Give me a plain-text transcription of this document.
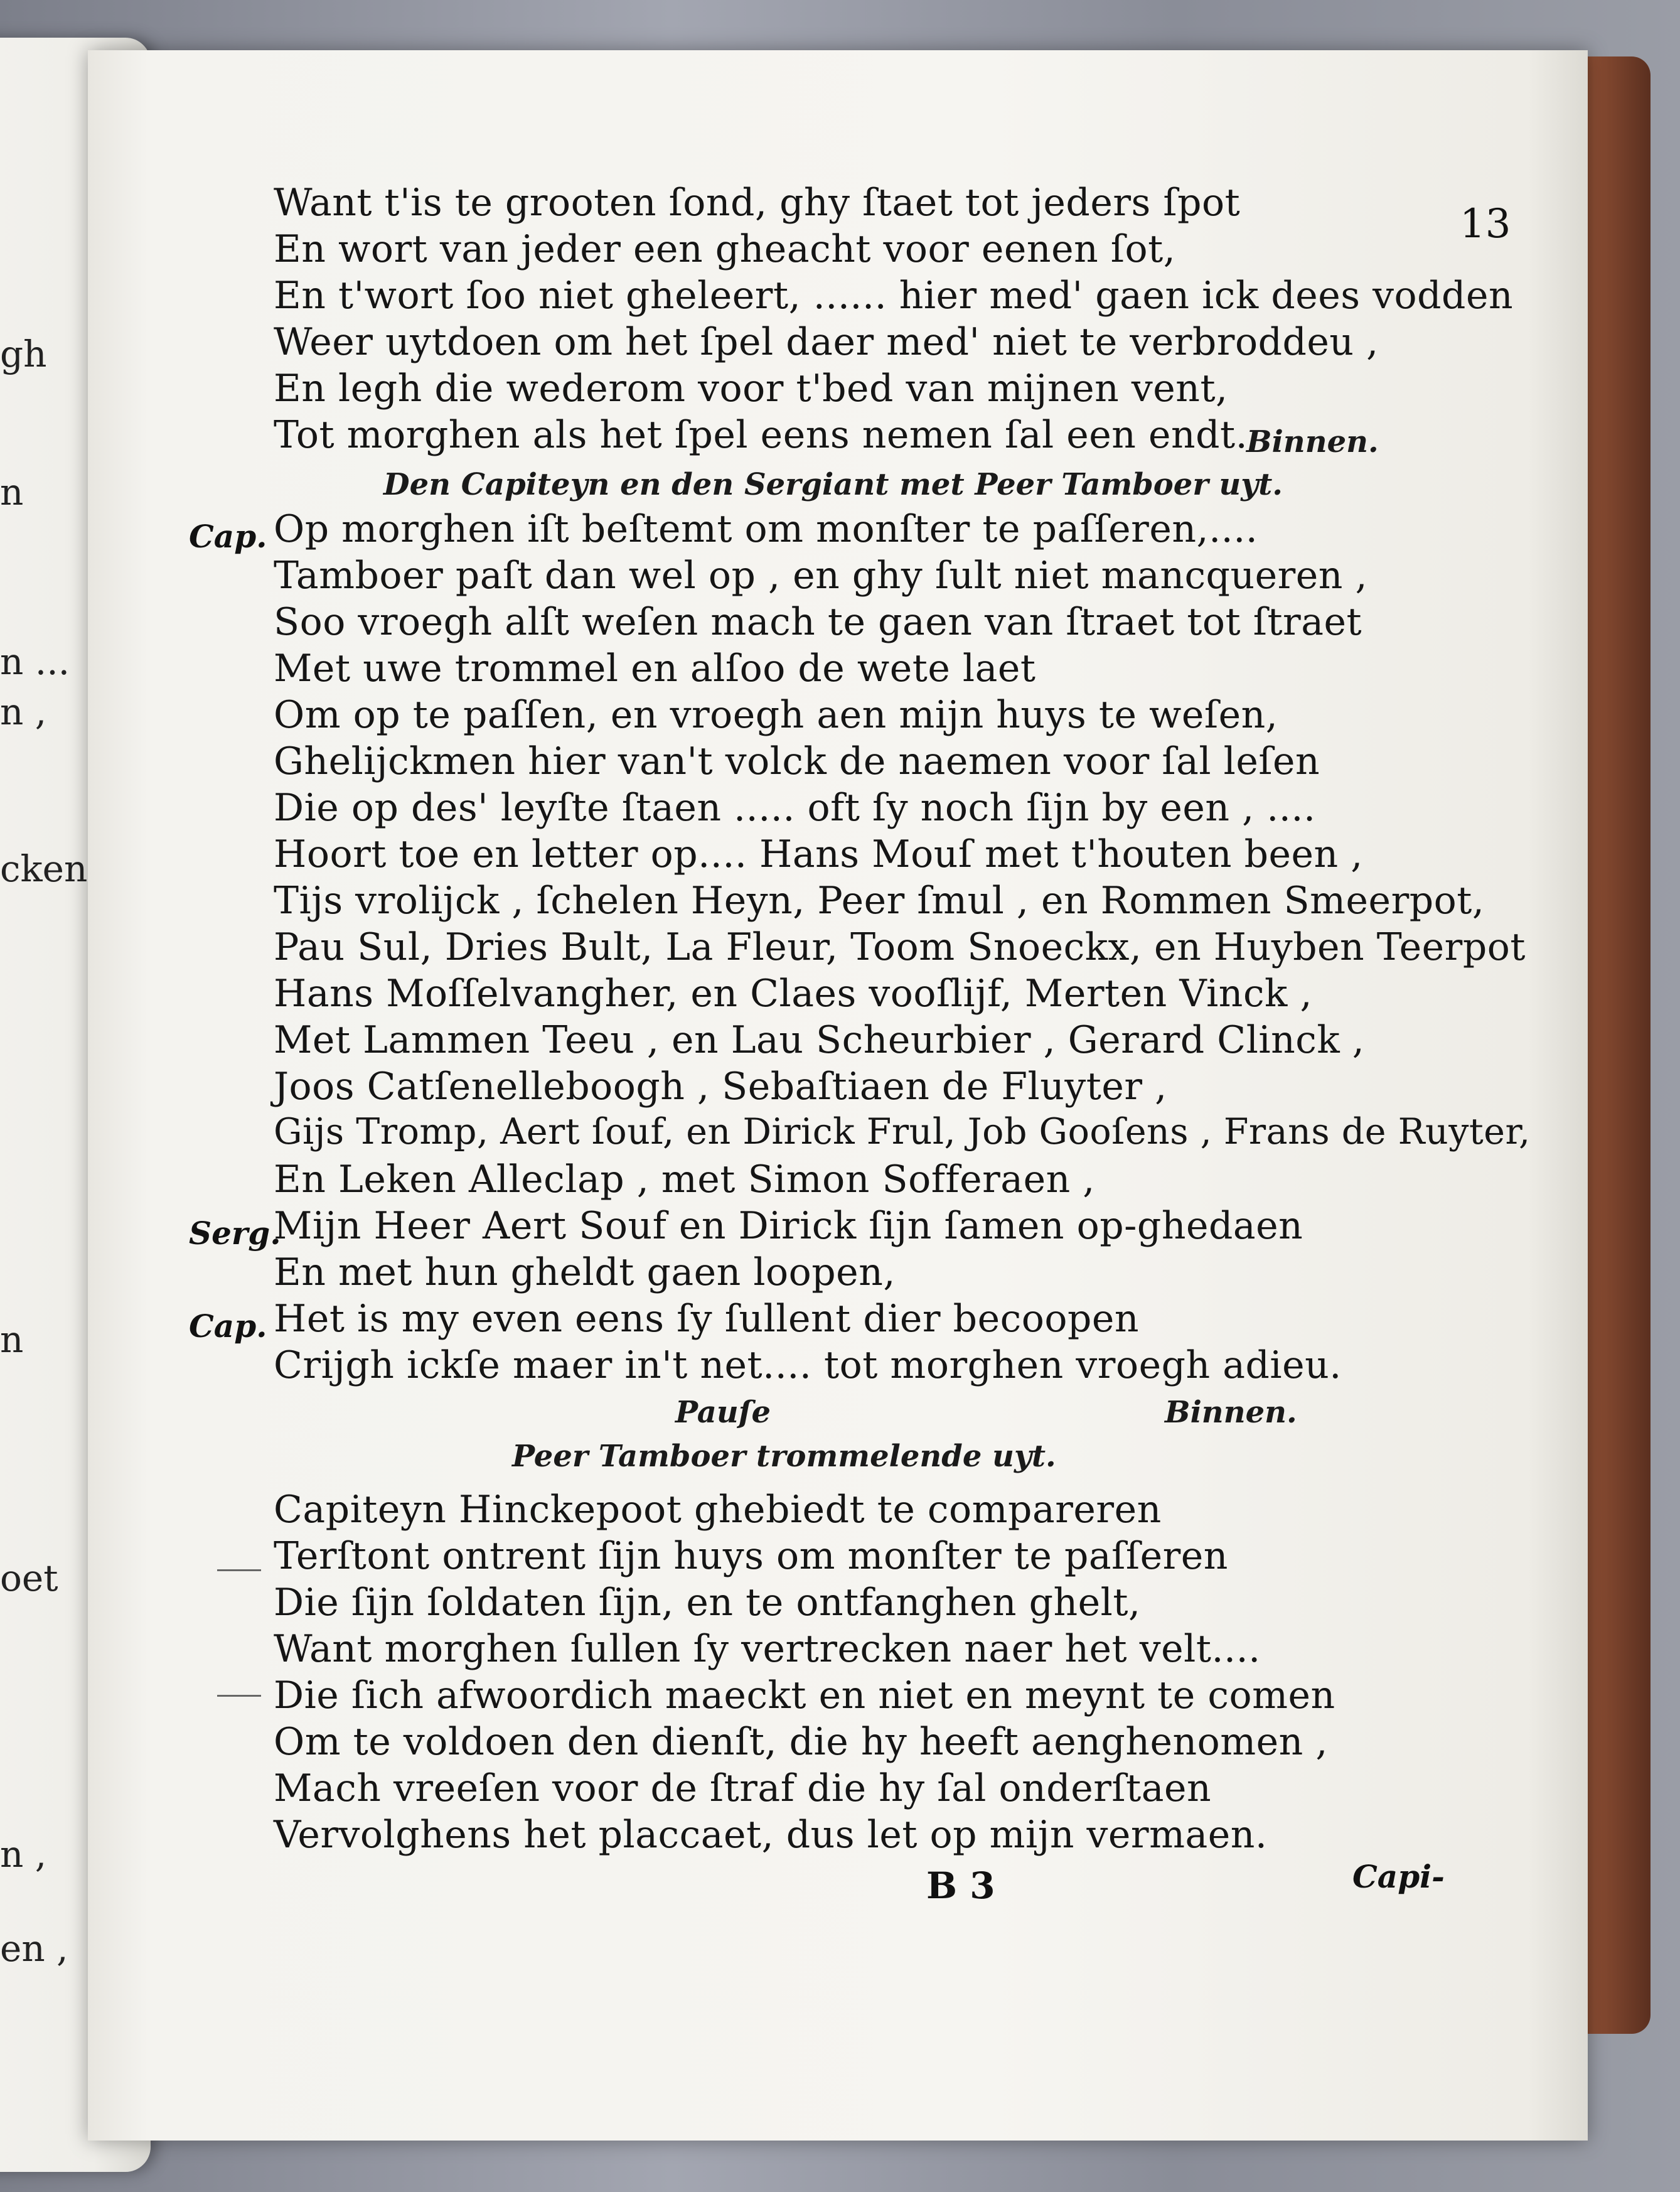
gh
n
n ...
n ,
cken
n
oet
n ,
en ,
13
Want t'is te grooten ſond, ghy ſtaet tot jeders ſpot
En wort van jeder een gheacht voor eenen ſot,
En t'wort ſoo niet gheleert, ...... hier med' gaen ick dees vodden
Weer uytdoen om het ſpel daer med' niet te verbroddeu ,
En legh die wederom voor t'bed van mijnen vent,
Tot morghen als het ſpel eens nemen ſal een endt.
Binnen.
Den Capiteyn en den Sergiant met Peer Tamboer uyt.
Cap. Op morghen iſt beſtemt om monſter te paſſeren,....
Tamboer paſt dan wel op , en ghy ſult niet mancqueren ,
Soo vroegh alſt weſen mach te gaen van ſtraet tot ſtraet
Met uwe trommel en alſoo de wete laet
Om op te paſſen, en vroegh aen mijn huys te weſen,
Ghelijckmen hier van't volck de naemen voor ſal leſen
Die op des' leyſte ſtaen ..... oft ſy noch ſijn by een , ....
Hoort toe en letter op.... Hans Mouſ met t'houten been ,
Tijs vrolijck , ſchelen Heyn, Peer ſmul , en Rommen Smeerpot,
Pau Sul, Dries Bult, La Fleur, Toom Snoeckx, en Huyben Teerpot
Hans Moſſelvangher, en Claes vooſlijf, Merten Vinck ,
Met Lammen Teeu , en Lau Scheurbier , Gerard Clinck ,
Joos Catſenelleboogh , Sebaſtiaen de Fluyter ,
Gijs Tromp, Aert ſouf, en Dirick Frul, Job Gooſens , Frans de Ruyter,
En Leken Alleclap , met Simon Sofferaen ,
Serg.
Mijn Heer Aert Souf en Dirick ſijn ſamen op-ghedaen
En met hun gheldt gaen loopen,
Cap. Het is my even eens ſy ſullent dier becoopen
Crijgh ickſe maer in't net.... tot morghen vroegh adieu.
Pauſe	Binnen.
Peer Tamboer trommelende uyt.
Capiteyn Hinckepoot ghebiedt te compareren
Terſtont ontrent ſijn huys om monſter te paſſeren
Die ſijn ſoldaten ſijn, en te ontfanghen ghelt,
Want morghen ſullen ſy vertrecken naer het velt....
Die ſich afwoordich maeckt en niet en meynt te comen
Om te voldoen den dienſt, die hy heeft aenghenomen ,
Mach vreeſen voor de ſtraf die hy ſal onderſtaen
Vervolghens het placcaet, dus let op mijn vermaen.
B 3	Capi-
